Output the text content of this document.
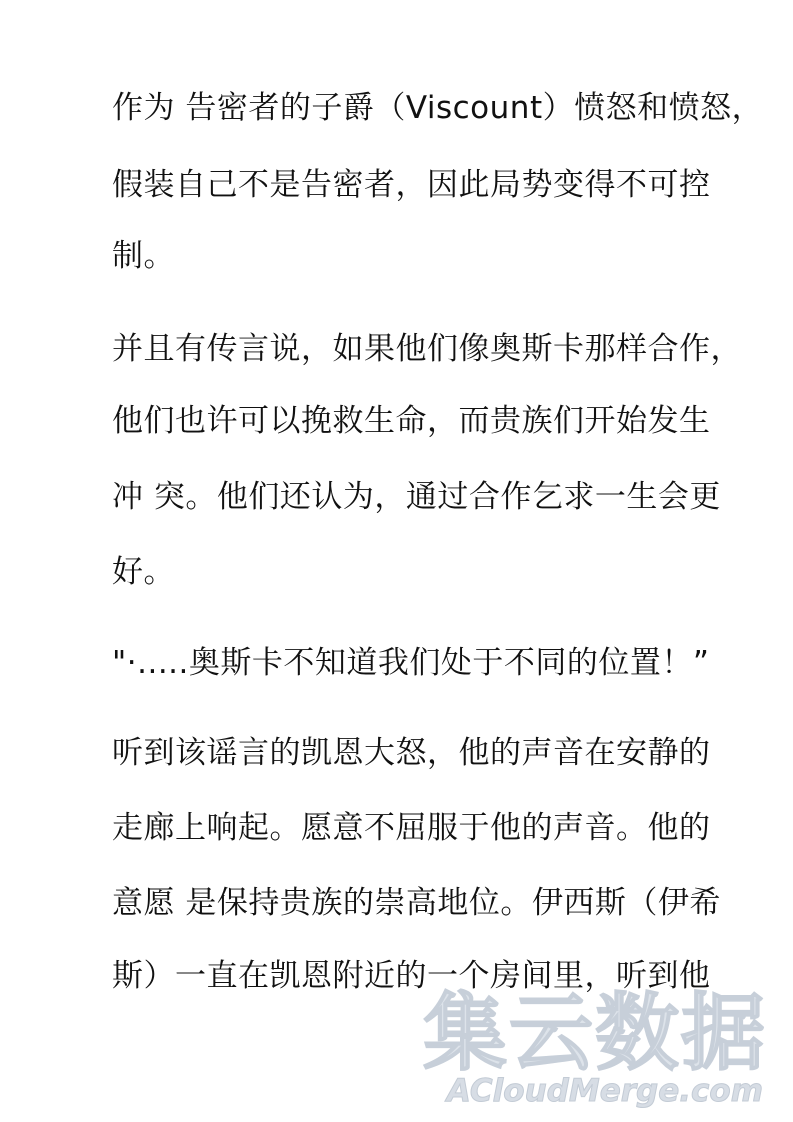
作为 告密者的子爵（Viscount）愤怒和愤怒，
假装自己不是告密者，因此局势变得不可控
制。
并且有传言说，如果他们像奥斯卡那样合作，
他们也许可以挽救生命，而贵族们开始发生
冲 突。他们还认为，通过合作乞求一生会更
好。
"·.....奥斯卡不知道我们处于不同的位置！”
听到该谣言的凯恩大怒，他的声音在安静的
走廊上响起。愿意不屈服于他的声音。他的
意愿 是保持贵族的崇高地位。伊西斯（伊希
斯）一直在凯恩附近的一个房间里，听到他
集云数据
ACloudMerge.com
